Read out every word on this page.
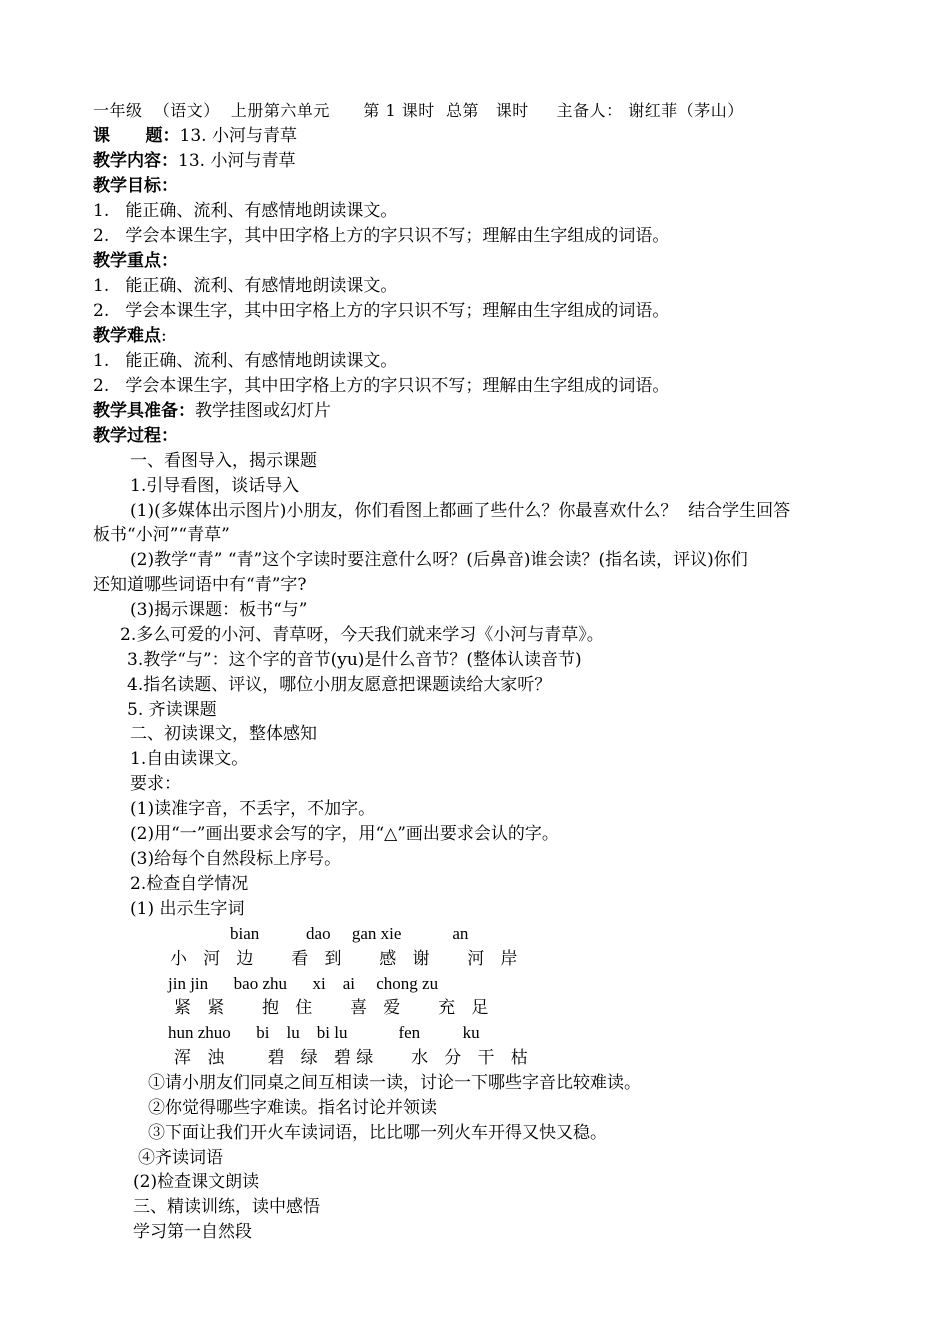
一年级 （语文） 上册第六单元 第 1 课时 总第   课时 主备人： 谢红菲（茅山）
课      题：13. 小河与青草
教学内容：13. 小河与青草
教学目标：
1.   能正确、流利、有感情地朗读课文。
2.   学会本课生字，其中田字格上方的字只识不写；理解由生字组成的词语。
教学重点：
1.   能正确、流利、有感情地朗读课文。
2.   学会本课生字，其中田字格上方的字只识不写；理解由生字组成的词语。
教学难点:
1.   能正确、流利、有感情地朗读课文。
2.   学会本课生字，其中田字格上方的字只识不写；理解由生字组成的词语。
教学具准备：教学挂图或幻灯片
教学过程：
一、看图导入，揭示课题
1.引导看图，谈话导入
(1)(多媒体出示图片)小朋友，你们看图上都画了些什么？你最喜欢什么？  结合学生回答
板书“小河”“青草”
(2)教学“青” “青”这个字读时要注意什么呀？(后鼻音)谁会读？(指名读，评议)你们
还知道哪些词语中有“青”字?
(3)揭示课题：板书“与”
2.多么可爱的小河、青草呀，今天我们就来学习《小河与青草》。
3.教学“与”：这个字的音节(yu)是什么音节？(整体认读音节)
4.指名读题、评议，哪位小朋友愿意把课题读给大家听？
5. 齐读课题
二、初读课文，整体感知
1.自由读课文。
要求：
(1)读准字音，不丢字，不加字。
(2)用“一”画出要求会写的字，用“△”画出要求会认的字。
(3)给每个自然段标上序号。
2.检查自学情况
(1) 出示生字词
bian           dao     gan xie            an
小   河   边       看   到       感   谢       河   岸
jin jin      bao zhu      xi    ai     chong zu
紧   紧       抱   住       喜   爱       充   足
hun zhuo      bi    lu    bi lu            fen          ku
浑   浊        碧   绿   碧 绿       水   分   干   枯
①请小朋友们同桌之间互相读一读，讨论一下哪些字音比较难读。
②你觉得哪些字难读。指名讨论并领读
③下面让我们开火车读词语，比比哪一列火车开得又快又稳。
④齐读词语
(2)检查课文朗读
三、精读训练，读中感悟
学习第一自然段
